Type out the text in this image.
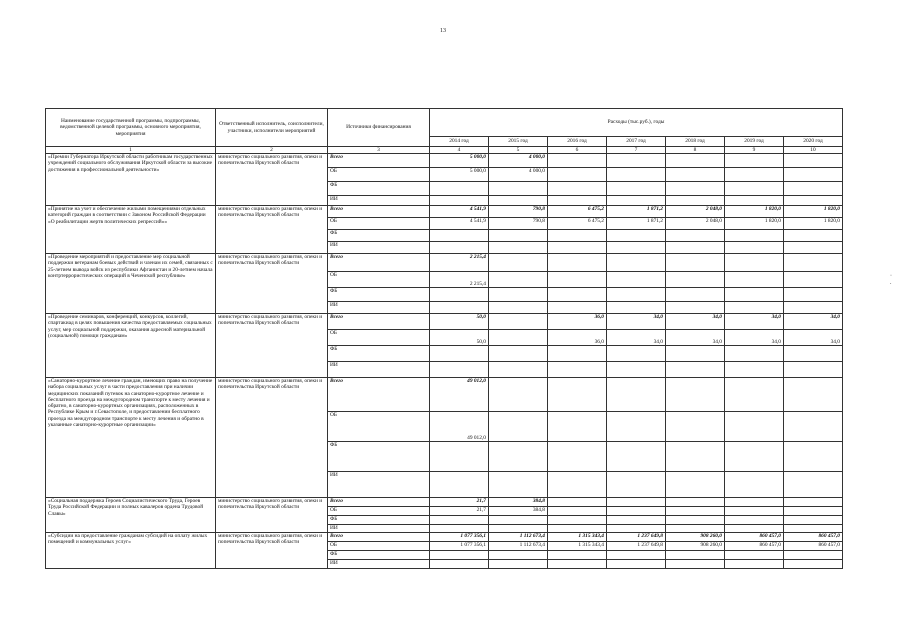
13
·
.
Наименование государственной программы, подпрограммы, ведомственной целевой программы, основного мероприятия, мероприятия	Ответственный исполнитель, соисполнители, участники, исполнители мероприятий	Источники финансирования	Расходы (тыс.руб.), годы						
			2014 год	2015 год	2016 год	2017 год	2018 год	2019 год	2020 год
1	2	3	4	5	6	7	8	9	10
«Премии Губернатора Иркутской области работникам государственных учреждений социального обслуживания Иркутской области за высокие достижения в профессиональной деятельности»	министерство социального развития, опеки и попечительства Иркутской области	Всего	5 000,0	4 000,0					
		ОБ	5 000,0	4 000,0					
		ФБ							
		ИИ							
«Принятие на учет и обеспечение жилыми помещениями отдельных категорий граждан в соответствии с Законом Российской Федерации «О реабилитации жертв политических репрессий»»	министерство социального развития, опеки и попечительства Иркутской области	Всего	4 541,9	790,8	6 475,2	1 871,2	2 048,0	1 820,0	1 820,0
		ОБ	4 541,9	790,8	6 475,2	1 871,2	2 048,0	1 820,0	1 820,0
		ФБ							
		ИИ							
«Проведение мероприятий и предоставление мер социальной поддержки ветеранам боевых действий и членам их семей, связанных с 25-летием вывода войск из республики Афганистан и 20-летием начала контртеррористических операций в Чеченской республике»	министерство социального развития, опеки и попечительства Иркутской области	Всего	2 215,4						
		ОБ	2 215,4						
		ФБ							
		ИИ							
«Проведение семинаров, конференций, конкурсов, коллегий, спартакиад в целях повышения качества предоставляемых социальных услуг, мер социальной поддержки, оказания адресной материальной (социальной) помощи гражданам»	министерство социального развития, опеки и попечительства Иркутской области	Всего	50,0		36,0	34,0	34,0	34,0	34,0
		ОБ	50,0		36,0	34,0	34,0	34,0	34,0
		ФБ							
		ИИ							
«Санаторно-курортное лечение граждан, имеющих право на получение набора социальных услуг в части предоставления при наличии медицинских показаний путевок на санаторно-курортное лечение и бесплатного проезда на междугородном транспорте к месту лечения и обратно, в санаторно-курортных организациях, расположенных в Республике Крым и г.Севастополе, и предоставлении бесплатного проезда на междугородном транспорте к месту лечения и обратно в указанные санаторно-курортные организации»	министерство социального развития, опеки и попечительства Иркутской области	Всего	49 012,0						
		ОБ	49 012,0						
		ФБ							
		ИИ							
«Социальная поддержка Героев Социалистического Труда, Героев Труда Российской Федерации и полных кавалеров ордена Трудовой Славы»	министерство социального развития, опеки и попечительства Иркутской области	Всего	21,7	384,8					
		ОБ	21,7	384,8					
		ФБ							
		ИИ							
«Субсидии на предоставление гражданам субсидий на оплату жилых помещений и коммунальных услуг»	министерство социального развития, опеки и попечительства Иркутской области	Всего	1 077 356,1	1 112 673,4	1 315 343,4	1 237 649,8	908 260,0	860 457,0	860 457,0
		ОБ	1 077 356,1	1 112 673,4	1 315 343,4	1 237 649,8	908 260,0	860 457,0	860 457,0
		ФБ							
		ИИ							
